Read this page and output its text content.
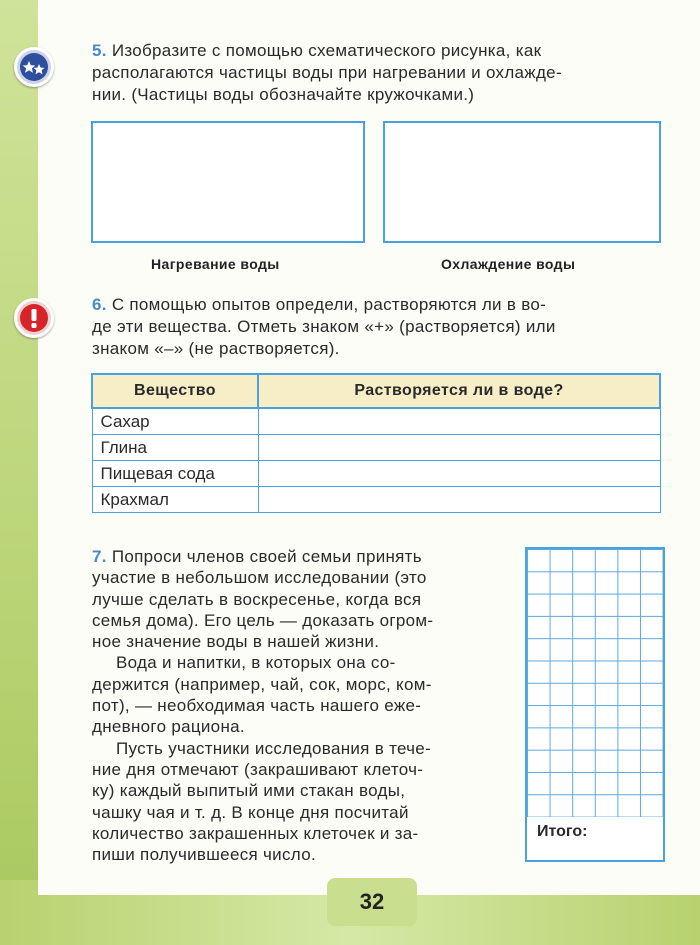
5. Изобразите с помощью схематического рисунка, как
располагаются частицы воды при нагревании и охлажде-
нии. (Частицы воды обозначайте кружочками.)
Нагревание воды	Охлаждение воды
6. С помощью опытов определи, растворяются ли в во-
де эти вещества. Отметь знаком «+» (растворяется) или
знаком «–» (не растворяется).
Вещество	Растворяется ли в воде?
Сахар	
Глина	
Пищевая сода	
Крахмал	
7. Попроси членов своей семьи принять
участие в небольшом исследовании (это
лучше сделать в воскресенье, когда вся
семья дома). Его цель — доказать огром-
ное значение воды в нашей жизни.
Вода и напитки, в которых она со-
держится (например, чай, сок, морс, ком-
пот), — необходимая часть нашего еже-
дневного рациона.
Пусть участники исследования в тече-
ние дня отмечают (закрашивают клеточ-
ку) каждый выпитый ими стакан воды,
чашку чая и т. д. В конце дня посчитай
количество закрашенных клеточек и за-
пиши получившееся число.
Итого:
32
